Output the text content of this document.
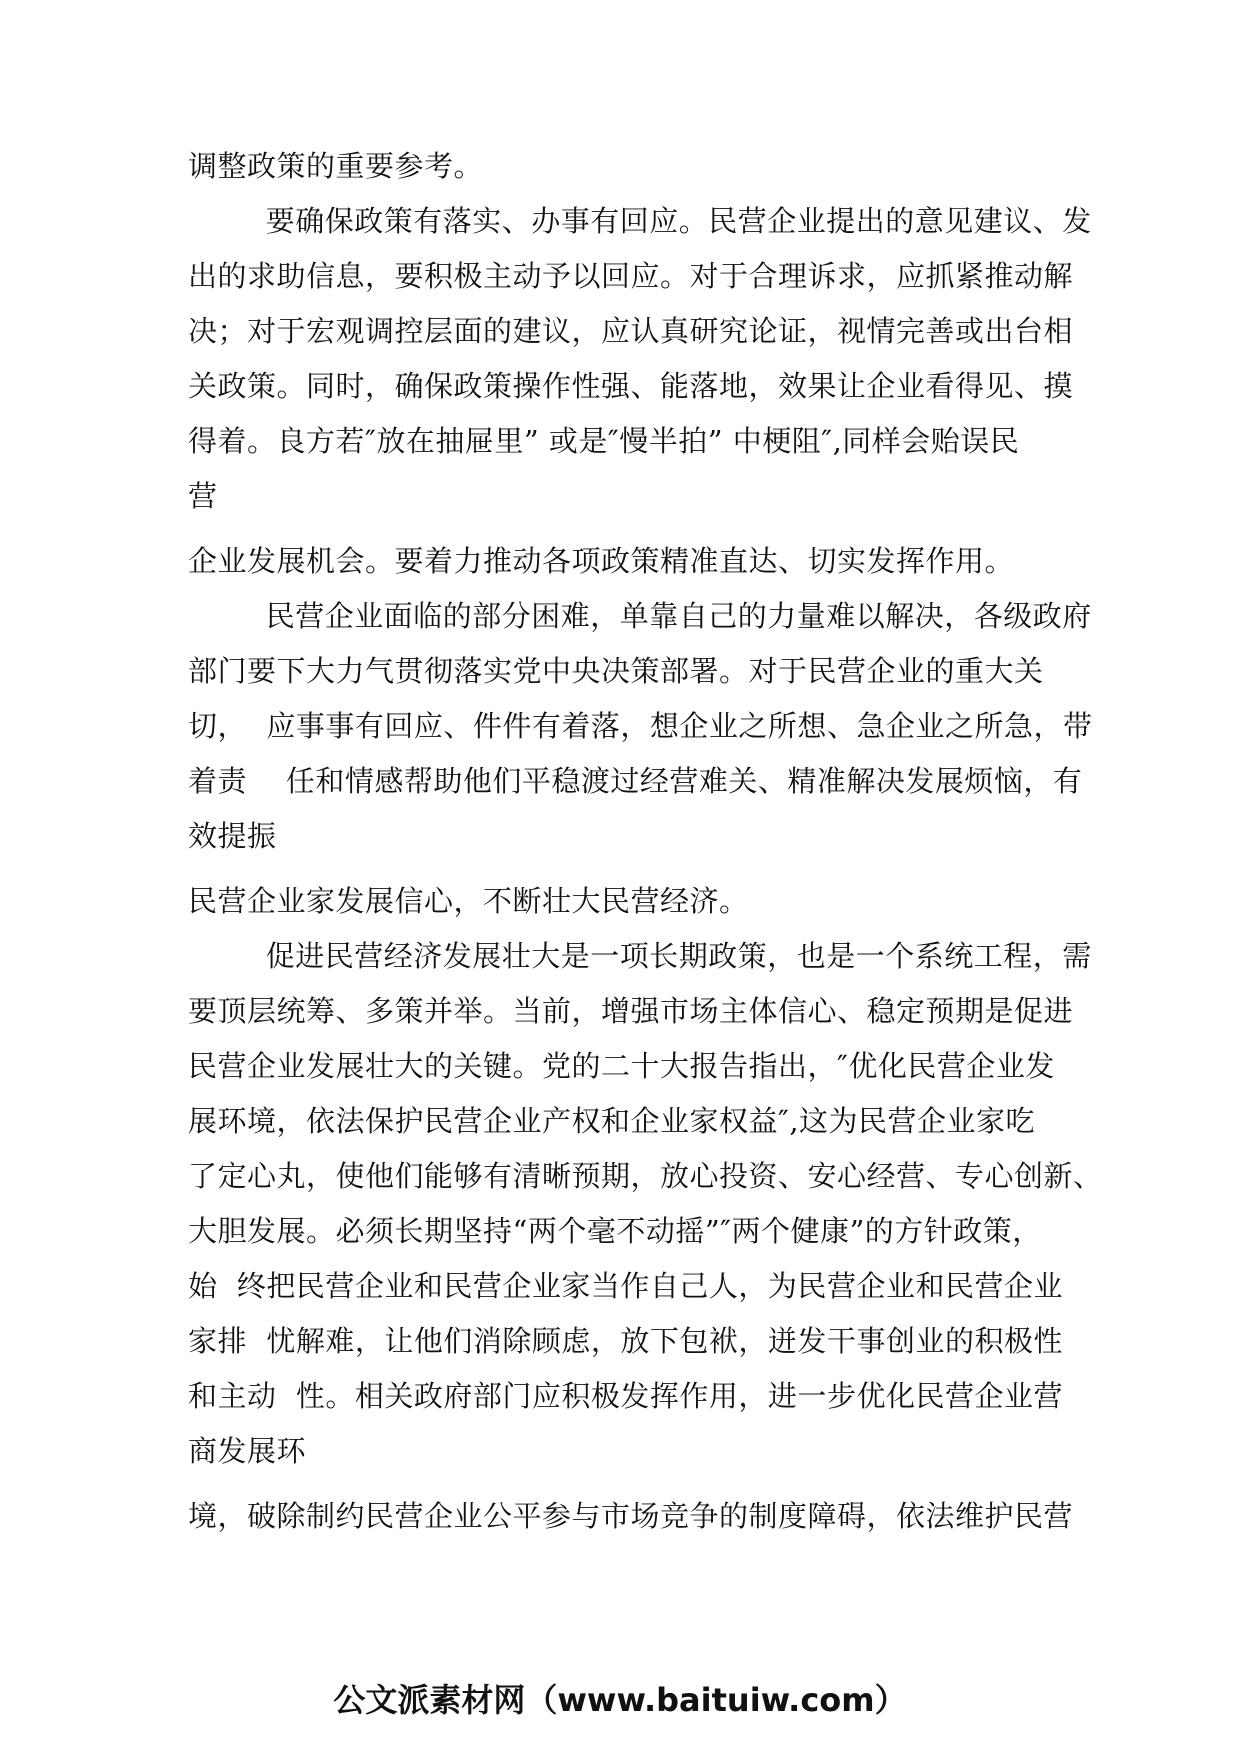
调整政策的重要参考。
要确保政策有落实、办事有回应。民营企业提出的意见建议、发
出的求助信息，要积极主动予以回应。对于合理诉求，应抓紧推动解
决；对于宏观调控层面的建议，应认真研究论证，视情完善或出台相
关政策。同时，确保政策操作性强、能落地，效果让企业看得见、摸
得着。良方若″放在抽屉里” 或是″慢半拍” 中梗阻″,同样会贻误民
营
企业发展机会。要着力推动各项政策精准直达、切实发挥作用。
民营企业面临的部分困难，单靠自己的力量难以解决，各级政府
部门要下大力气贯彻落实党中央决策部署。对于民营企业的重大关
切，  应事事有回应、件件有着落，想企业之所想、急企业之所急，带
着责    任和情感帮助他们平稳渡过经营难关、精准解决发展烦恼，有
效提振
民营企业家发展信心，不断壮大民营经济。
促进民营经济发展壮大是一项长期政策，也是一个系统工程，需
要顶层统筹、多策并举。当前，增强市场主体信心、稳定预期是促进
民营企业发展壮大的关键。党的二十大报告指出，″优化民营企业发
展环境，依法保护民营企业产权和企业家权益″,这为民营企业家吃
了定心丸，使他们能够有清晰预期，放心投资、安心经营、专心创新、
大胆发展。必须长期坚持“两个毫不动摇”″两个健康”的方针政策，
始  终把民营企业和民营企业家当作自己人，为民营企业和民营企业
家排  忧解难，让他们消除顾虑，放下包袱，迸发干事创业的积极性
和主动  性。相关政府部门应积极发挥作用，进一步优化民营企业营
商发展环
境，破除制约民营企业公平参与市场竞争的制度障碍，依法维护民营
公文派素材网（www.baituiw.com）
